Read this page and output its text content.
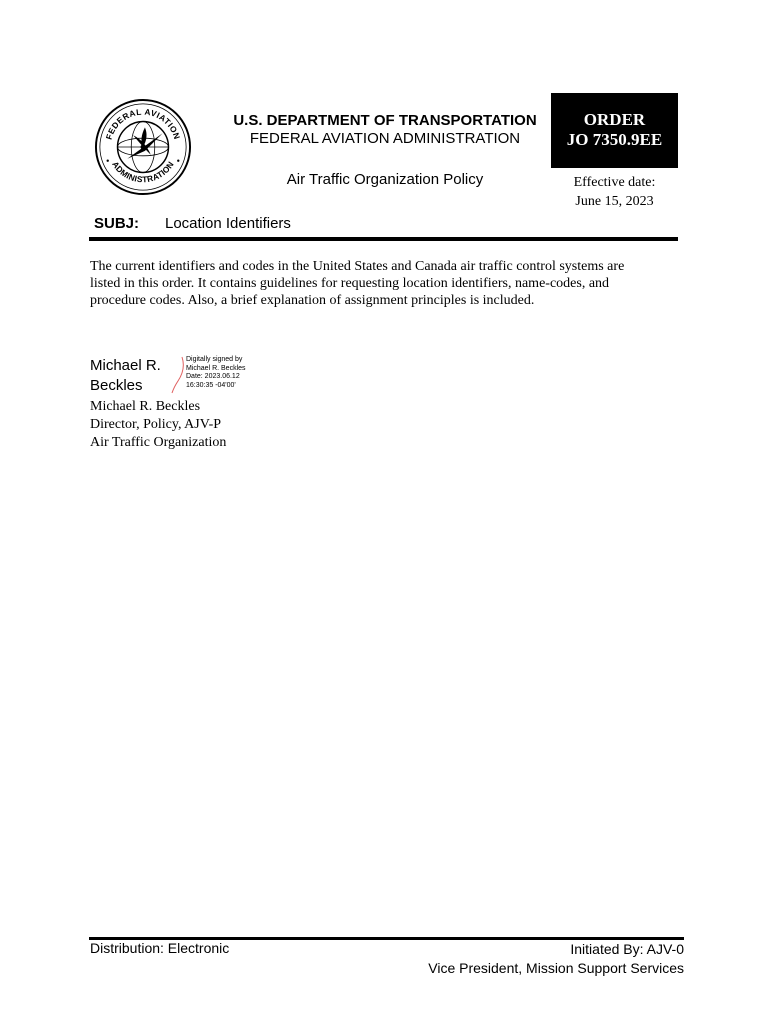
FEDERAL AVIATION
ADMINISTRATION
U.S. DEPARTMENT OF TRANSPORTATION
FEDERAL AVIATION ADMINISTRATION
ORDER
JO 7350.9EE
Air Traffic Organization Policy	Effective date:
June 15, 2023
SUBJ: Location Identifiers
The current identifiers and codes in the United States and Canada air traffic control systems are
listed in this order. It contains guidelines for requesting location identifiers, name-codes, and
procedure codes. Also, a brief explanation of assignment principles is included.
Michael R.
Beckles
Digitally signed by
Michael R. Beckles
Date: 2023.06.12
16:30:35 -04'00'
Michael R. Beckles
Director, Policy, AJV-P
Air Traffic Organization
Distribution: Electronic	Initiated By: AJV-0
Vice President, Mission Support Services
